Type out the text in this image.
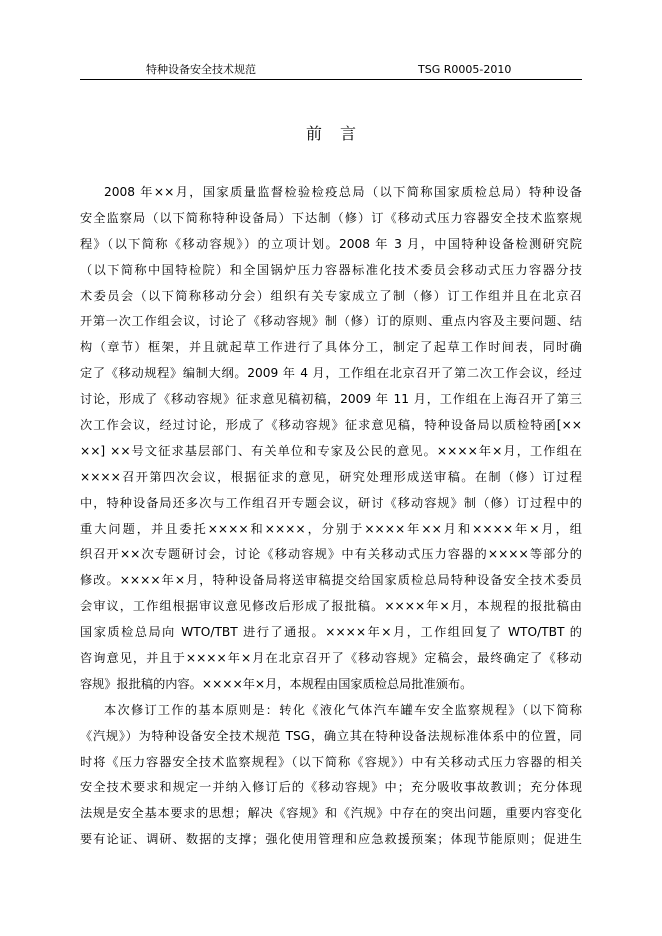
特种设备安全技术规范	TSG R0005-2010
前言

2008 年××月，国家质量监督检验检疫总局（以下简称国家质检总局）特种设备
安全监察局（以下简称特种设备局）下达制（修）订《移动式压力容器安全技术监察规
程》（以下简称《移动容规》）的立项计划。2008 年 3 月，中国特种设备检测研究院
（以下简称中国特检院）和全国锅炉压力容器标准化技术委员会移动式压力容器分技
术委员会（以下简称移动分会）组织有关专家成立了制（修）订工作组并且在北京召
开第一次工作组会议，讨论了《移动容规》制（修）订的原则、重点内容及主要问题、结
构（章节）框架，并且就起草工作进行了具体分工，制定了起草工作时间表，同时确
定了《移动规程》编制大纲。2009 年 4 月，工作组在北京召开了第二次工作会议，经过
讨论，形成了《移动容规》征求意见稿初稿，2009 年 11 月，工作组在上海召开了第三
次工作会议，经过讨论，形成了《移动容规》征求意见稿，特种设备局以质检特函[××
××] ××号文征求基层部门、有关单位和专家及公民的意见。××××年×月，工作组在
××××召开第四次会议，根据征求的意见，研究处理形成送审稿。在制（修）订过程
中，特种设备局还多次与工作组召开专题会议，研讨《移动容规》制（修）订过程中的
重大问题，并且委托××××和××××，分别于××××年××月和××××年×月，组
织召开××次专题研讨会，讨论《移动容规》中有关移动式压力容器的××××等部分的
修改。××××年×月，特种设备局将送审稿提交给国家质检总局特种设备安全技术委员
会审议，工作组根据审议意见修改后形成了报批稿。××××年×月，本规程的报批稿由
国家质检总局向 WTO/TBT 进行了通报。××××年×月，工作组回复了 WTO/TBT 的
咨询意见，并且于××××年×月在北京召开了《移动容规》定稿会，最终确定了《移动
容规》报批稿的内容。××××年×月，本规程由国家质检总局批准颁布。

本次修订工作的基本原则是：转化《液化气体汽车罐车安全监察规程》（以下简称
《汽规》）为特种设备安全技术规范 TSG，确立其在特种设备法规标准体系中的位置，同
时将《压力容器安全技术监察规程》（以下简称《容规》）中有关移动式压力容器的相关
安全技术要求和规定一并纳入修订后的《移动容规》中；充分吸收事故教训；充分体现
法规是安全基本要求的思想；解决《容规》和《汽规》中存在的突出问题，重要内容变化
要有论证、调研、数据的支撑；强化使用管理和应急救援预案；体现节能原则；促进生
